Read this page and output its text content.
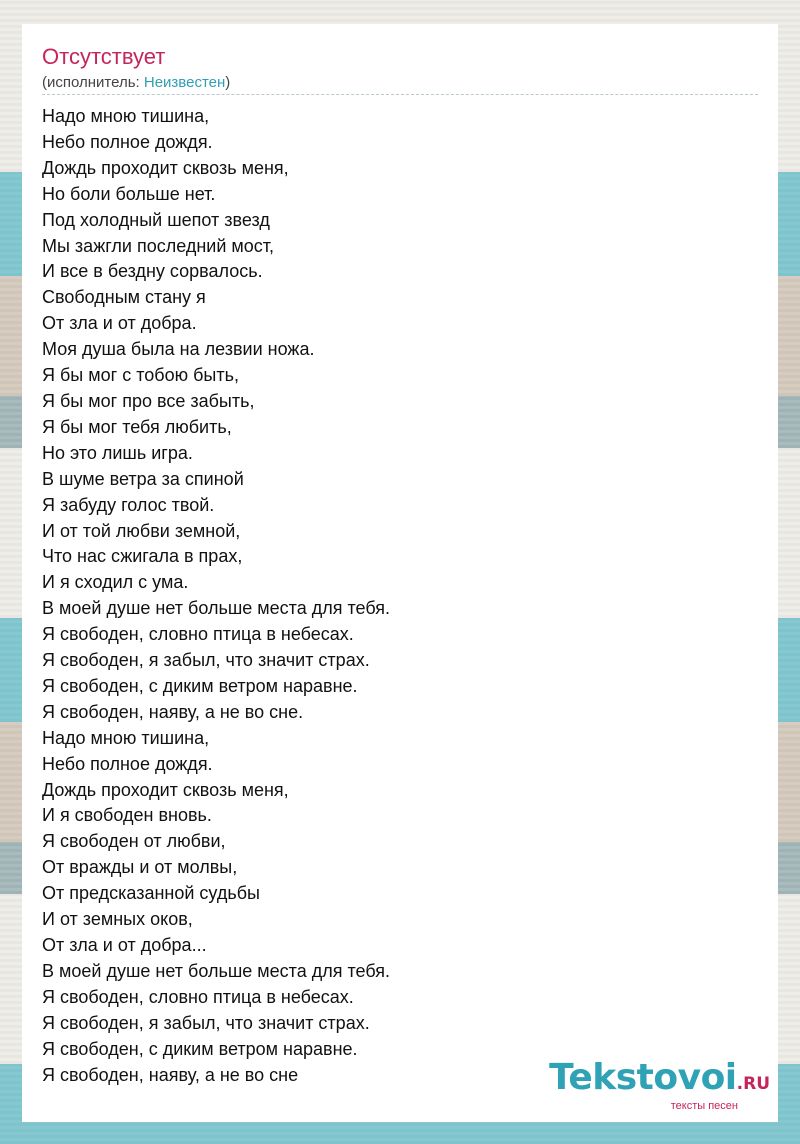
Отсутствует
(исполнитель: Неизвестен)
Надо мною тишина,
Небо полное дождя.
Дождь проходит сквозь меня,
Но боли больше нет.
Под холодный шепот звезд
Мы зажгли последний мост,
И все в бездну сорвалось.
Свободным стану я
От зла и от добра.
Моя душа была на лезвии ножа.
Я бы мог с тобою быть,
Я бы мог про все забыть,
Я бы мог тебя любить,
Но это лишь игра.
В шуме ветра за спиной
Я забуду голос твой.
И от той любви земной,
Что нас сжигала в прах,
И я сходил с ума.
В моей душе нет больше места для тебя.
Я свободен, словно птица в небесах.
Я свободен, я забыл, что значит страх.
Я свободен, с диким ветром наравне.
Я свободен, наяву, а не во сне.
Надо мною тишина,
Небо полное дождя.
Дождь проходит сквозь меня,
И я свободен вновь.
Я свободен от любви,
От вражды и от молвы,
От предсказанной судьбы
И от земных оков,
От зла и от добра...
В моей душе нет больше места для тебя.
Я свободен, словно птица в небесах.
Я свободен, я забыл, что значит страх.
Я свободен, с диким ветром наравне.
Я свободен, наяву, а не во сне	Tekstovoi.RU
тексты песен
